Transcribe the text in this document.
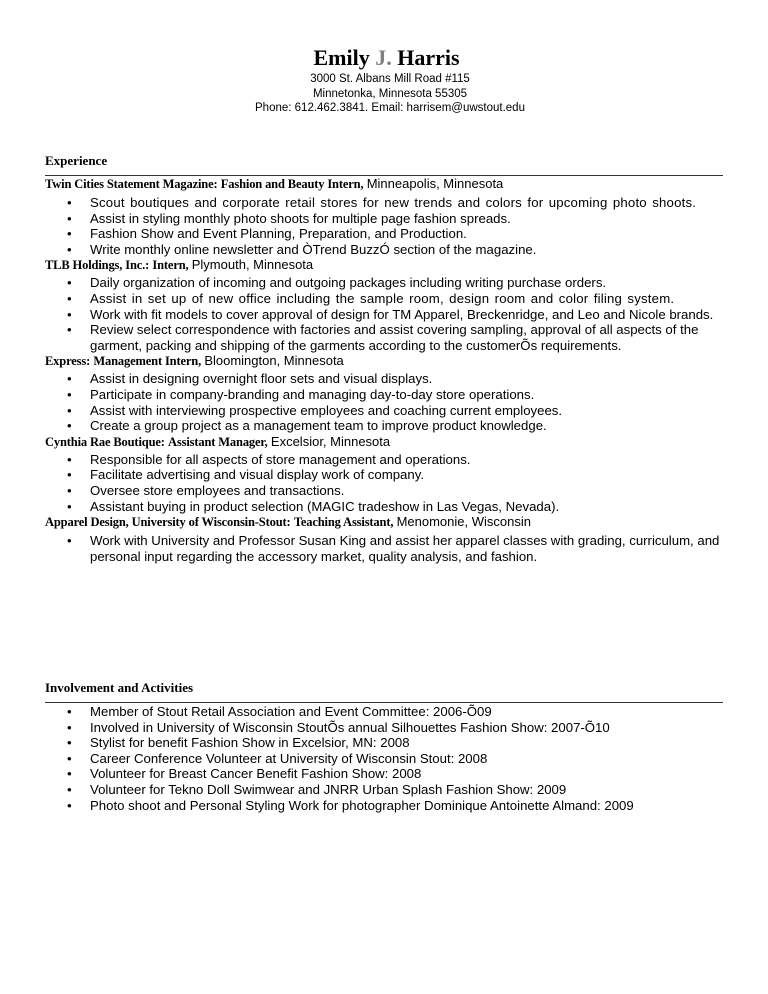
Emily J. Harris
3000 St. Albans Mill Road #115
Minnetonka, Minnesota 55305
Phone: 612.462.3841. Email: harrisem@uwstout.edu
Experience
Twin Cities Statement Magazine: Fashion and Beauty Intern, Minneapolis, Minnesota
• Scout boutiques and corporate retail stores for new trends and colors for upcoming photo shoots.
• Assist in styling monthly photo shoots for multiple page fashion spreads.
• Fashion Show and Event Planning, Preparation, and Production.
• Write monthly online newsletter and ÒTrend BuzzÓ section of the magazine.
TLB Holdings, Inc.: Intern, Plymouth, Minnesota
• Daily organization of incoming and outgoing packages including writing purchase orders.
• Assist in set up of new office including the sample room, design room and color filing system.
• Work with fit models to cover approval of design for TM Apparel, Breckenridge, and Leo and Nicole brands.
• Review select correspondence with factories and assist covering sampling, approval of all aspects of the garment, packing and shipping of the garments according to the customerÕs requirements.
Express: Management Intern, Bloomington, Minnesota
• Assist in designing overnight floor sets and visual displays.
• Participate in company-branding and managing day-to-day store operations.
• Assist with interviewing prospective employees and coaching current employees.
• Create a group project as a management team to improve product knowledge.
Cynthia Rae Boutique: Assistant Manager, Excelsior, Minnesota
• Responsible for all aspects of store management and operations.
• Facilitate advertising and visual display work of company.
• Oversee store employees and transactions.
• Assistant buying in product selection (MAGIC tradeshow in Las Vegas, Nevada).
Apparel Design, University of Wisconsin-Stout: Teaching Assistant, Menomonie, Wisconsin
• Work with University and Professor Susan King and assist her apparel classes with grading, curriculum, and personal input regarding the accessory market, quality analysis, and fashion.
Involvement and Activities
• Member of Stout Retail Association and Event Committee: 2006-Õ09
• Involved in University of Wisconsin StoutÕs annual Silhouettes Fashion Show: 2007-Õ10
• Stylist for benefit Fashion Show in Excelsior, MN: 2008
• Career Conference Volunteer at University of Wisconsin Stout: 2008
• Volunteer for Breast Cancer Benefit Fashion Show: 2008
• Volunteer for Tekno Doll Swimwear and JNRR Urban Splash Fashion Show: 2009
• Photo shoot and Personal Styling Work for photographer Dominique Antoinette Almand: 2009
